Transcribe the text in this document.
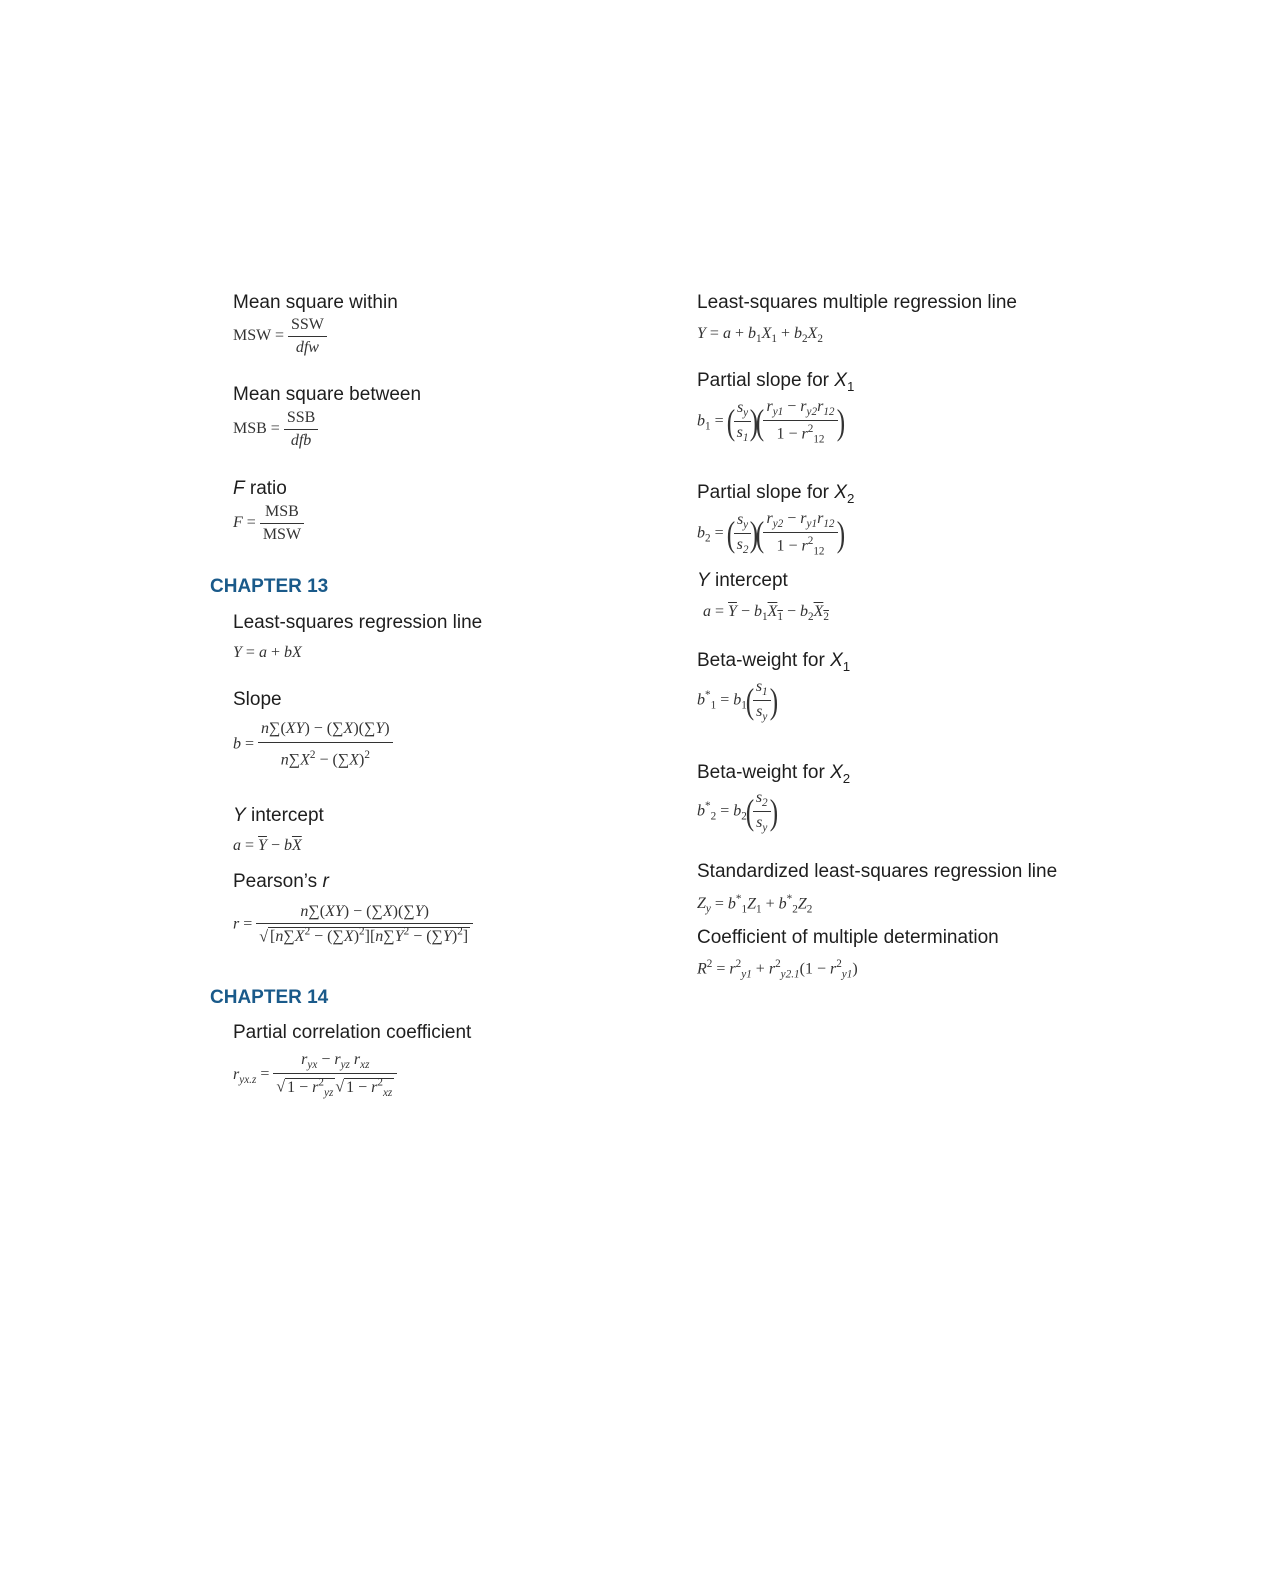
Mean square within
MSW = $\frac{\text{SSW}}{\text{dfw}}$
Mean square between
MSB = $\frac{\text{SSB}}{\text{dfb}}$
F ratio
$F = \frac{\text{MSB}}{\text{MSW}}$
CHAPTER 13
Least-squares regression line
Y = a + bX
Slope
$b = \frac{n\sum(XY) - (\sum X)(\sum Y)}{n\sum X^2 - (\sum X)^2}$
Y intercept
$a = \overline{Y} - b\overline{X}$
Pearson’s r
$r = \frac{n\sum(XY) - (\sum X)(\sum Y)}{√ [n\sum X^2 - (\sum X)^2][n\sum Y^2 - (\sum Y)^2]}$
CHAPTER 14
Partial correlation coefficient
$r_{yx.z} = \frac{r_{yx} - r_{yz} r_{xz}}{√ 1 - r^2_{yz} √ 1 - r^2_{xz}}$
Least-squares multiple regression line
$Y = a + b_1X_1 + b_2X_2$
Partial slope for $X_1$
$b_1$ = (
$\frac{s_y}{s_1}$
)(
$\frac{r_{y1} - r_{y2}r_{12}}{1 - r^2_{12}}$
)
Partial slope for $X_2$
$b_2$ = (
$\frac{s_y}{s_2}$
)(
$\frac{r_{y2} - r_{y1}r_{12}}{1 - r^2_{12}}$
)
Y intercept
$a = \overline{Y} - b_1X_1 - b_2X_2$
Beta-weight for $X_1$
$b^*_1 = b_1$(
$\frac{s_1}{s_y}$
)
Beta-weight for $X_2$
$b^*_2 = b_2$(
$\frac{s_2}{s_y}$
)
Standardized least-squares regression line
$Z_y = b^*_1Z_1 + b^*_2Z_2$
Coefficient of multiple determination
$R^2 = r^2_{y1} + r^2_{y2.1}(1 - r^2_{y1})$
